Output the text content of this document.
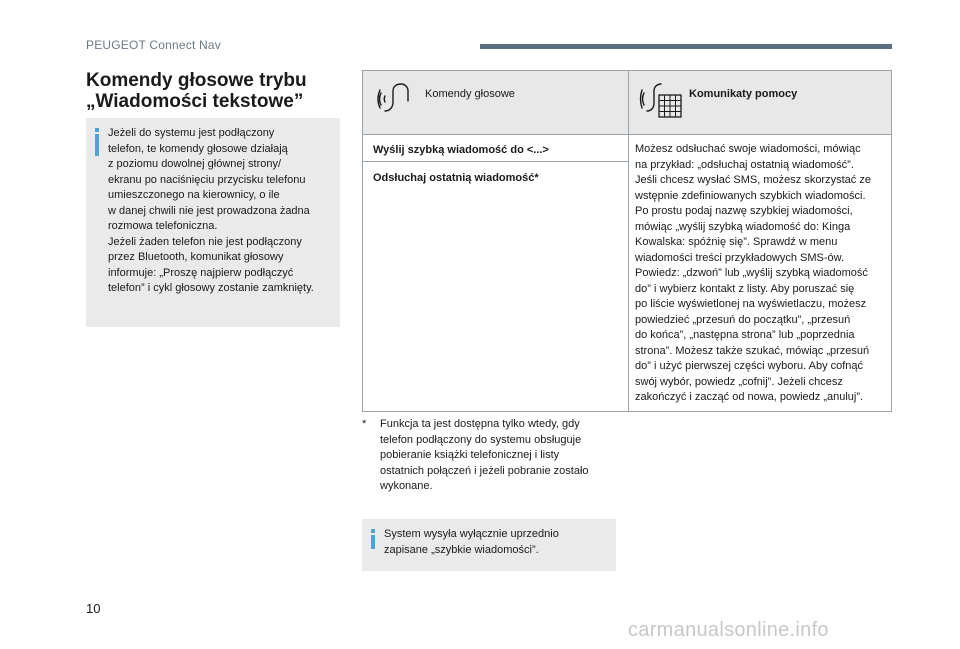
PEUGEOT Connect Nav
Komendy głosowe trybu
„Wiadomości tekstowe”
Jeżeli do systemu jest podłączony
telefon, te komendy głosowe działają
z poziomu dowolnej głównej strony/
ekranu po naciśnięciu przycisku telefonu
umieszczonego na kierownicy, o ile
w danej chwili nie jest prowadzona żadna
rozmowa telefoniczna.
Jeżeli żaden telefon nie jest podłączony
przez Bluetooth, komunikat głosowy
informuje: „Proszę najpierw podłączyć
telefon” i cykl głosowy zostanie zamknięty.
Komendy głosowe	Komunikaty pomocy
Wyślij szybką wiadomość do <...>
Odsłuchaj ostatnią wiadomość*
Możesz odsłuchać swoje wiadomości, mówiąc
na przykład: „odsłuchaj ostatnią wiadomość”.
Jeśli chcesz wysłać SMS, możesz skorzystać ze
wstępnie zdefiniowanych szybkich wiadomości.
Po prostu podaj nazwę szybkiej wiadomości,
mówiąc „wyślij szybką wiadomość do: Kinga
Kowalska: spóźnię się”. Sprawdź w menu
wiadomości treści przykładowych SMS-ów.
Powiedz: „dzwoń” lub „wyślij szybką wiadomość
do” i wybierz kontakt z listy. Aby poruszać się
po liście wyświetlonej na wyświetlaczu, możesz
powiedzieć „przesuń do początku”, „przesuń
do końca”, „następna strona” lub „poprzednia
strona”. Możesz także szukać, mówiąc „przesuń
do” i użyć pierwszej części wyboru. Aby cofnąć
swój wybór, powiedz „cofnij”. Jeżeli chcesz
zakończyć i zacząć od nowa, powiedz „anuluj”.
* Funkcja ta jest dostępna tylko wtedy, gdy
telefon podłączony do systemu obsługuje
pobieranie książki telefonicznej i listy
ostatnich połączeń i jeżeli pobranie zostało
wykonane.
System wysyła wyłącznie uprzednio
zapisane „szybkie wiadomości”.
10
carmanualsonline.info
